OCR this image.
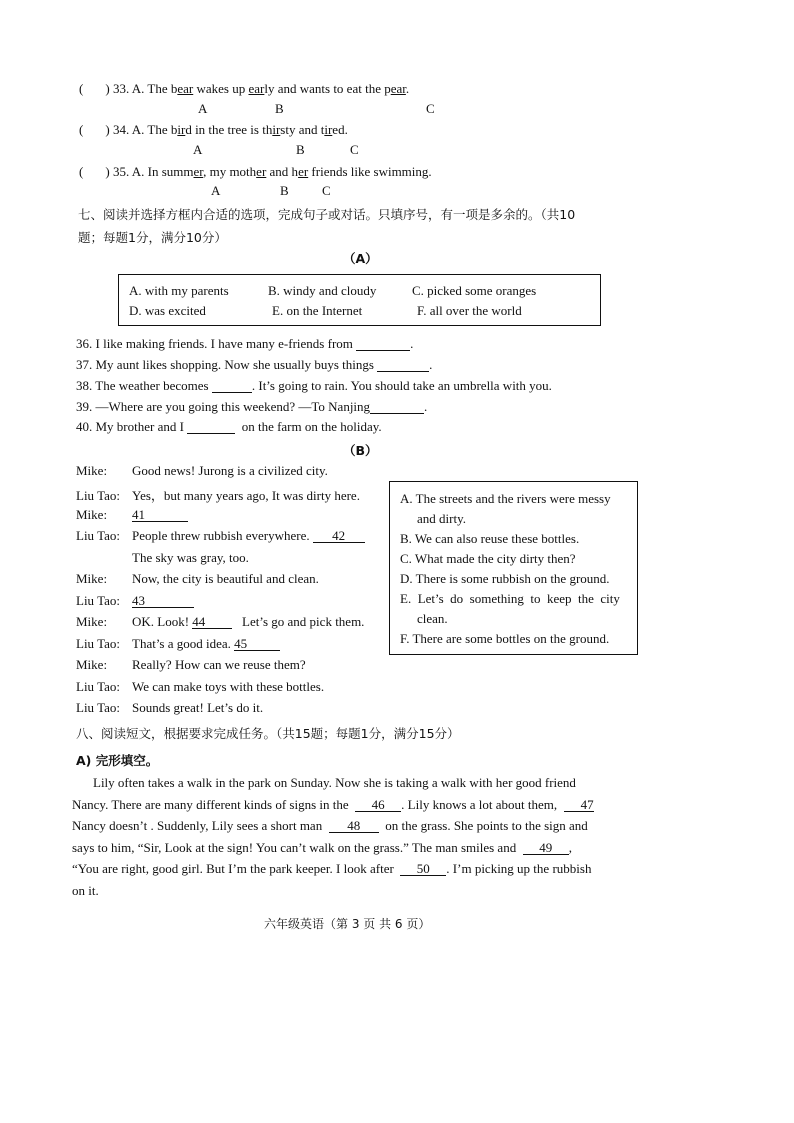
( ) 33. A. The bear wakes up early and wants to eat the pear.
A	B	C
( ) 34. A. The bird in the tree is thirsty and tired.
A	B	C
( ) 35. A. In summer, my mother and her friends like swimming.
A	B	C
七、阅读并选择方框内合适的选项，完成句子或对话。只填序号，有一项是多余的。（共10
题；每题1分，满分10分）
（A）
A. with my parents	B. windy and cloudy	C. picked some oranges
D. was excited	E. on the Internet	F. all over the world
36. I like making friends. I have many e-friends from	.
37. My aunt likes shopping. Now she usually buys things	.
38. The weather becomes	. It’s going to rain. You should take an umbrella with you.
39. —Where are you going this weekend? —To Nanjing	.
40. My brother and I	on the farm on the holiday.
（B）
Mike: Good news! Jurong is a civilized city.
Liu Tao: Yes，but many years ago, It was dirty here.
Mike: 41
Liu Tao: People threw rubbish everywhere. 42
The sky was gray, too.
Mike: Now, the city is beautiful and clean.
Liu Tao: 43
Mike: OK. Look! 44	Let’s go and pick them.
Liu Tao: That’s a good idea. 45
Mike: Really? How can we reuse them?
Liu Tao: We can make toys with these bottles.
Liu Tao: Sounds great! Let’s do it.
A. The streets and the rivers were messy
and dirty.
B. We can also reuse these bottles.
C. What made the city dirty then?
D. There is some rubbish on the ground.
E.  Let’s  do  something  to  keep  the  city
clean.
F. There are some bottles on the ground.
八、阅读短文，根据要求完成任务。（共15题；每题1分，满分15分）
A) 完形填空。
Lily often takes a walk in the park on Sunday. Now she is taking a walk with her good friend
Nancy. There are many different kinds of signs in the 46 . Lily knows a lot about them, 47
Nancy doesn’t . Suddenly, Lily sees a short man 48 on the grass. She points to the sign and
says to him, “Sir, Look at the sign! You can’t walk on the grass.” The man smiles and 49 ,
“You are right, good girl. But I’m the park keeper. I look after 50 . I’m picking up the rubbish
on it.
六年级英语（第 3 页 共 6 页）
